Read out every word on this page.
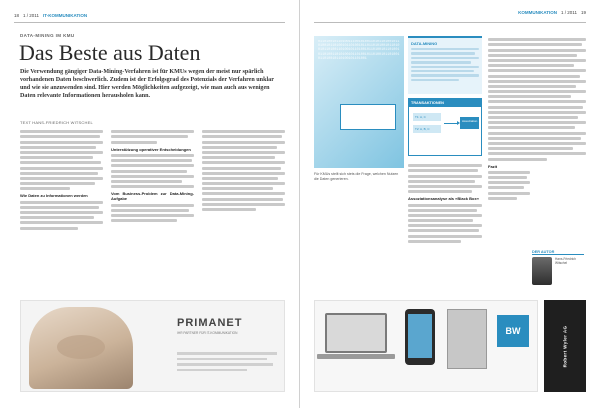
18 1 / 2011 IT-KOMMUNIKATION
DATA-MINING IM KMU
Das Beste aus Daten
Die Verwendung gängiger Data-Mining-Verfahren ist für KMUs wegen der meist nur spärlich vorhandenen Daten beschwerlich. Zudem ist der Erfolgsgrad des Potenzials der Verfahren unklar und wie sie anzuwenden sind. Hier werden Möglichkeiten aufgezeigt, wie man auch aus wenigen Daten relevante Informationen herausholen kann.
TEXT HANS-FRIEDRICH WITSCHEL
Wie Daten zu Informationen werden
Unterstützung operativer Entscheidungen
Vom Business-Problem zur Data-Mining-Aufgabe
PRIMANET
IHR PARTNER FÜR IT-KOMMUNIKATION
KOMMUNIKATION 1 / 2011 19
0110100101101001110010100110101101001011010010110100101101001011011010100101101001011010011010010110100101101001011010010110100110101001011010010110100101101001011010010110100101101001
Für KMUs stellt sich stets die Frage, welchen Nutzen die Daten generieren.
DATA-MINING
TRANSAKTIONEN
T1: A, C
T2: A, B, C
Assoziation
Assoziationsanalyse als »Black Box«
Fazit
DER AUTOR
Hans-Friedrich Witschel
BW	Robert Wyler AG
